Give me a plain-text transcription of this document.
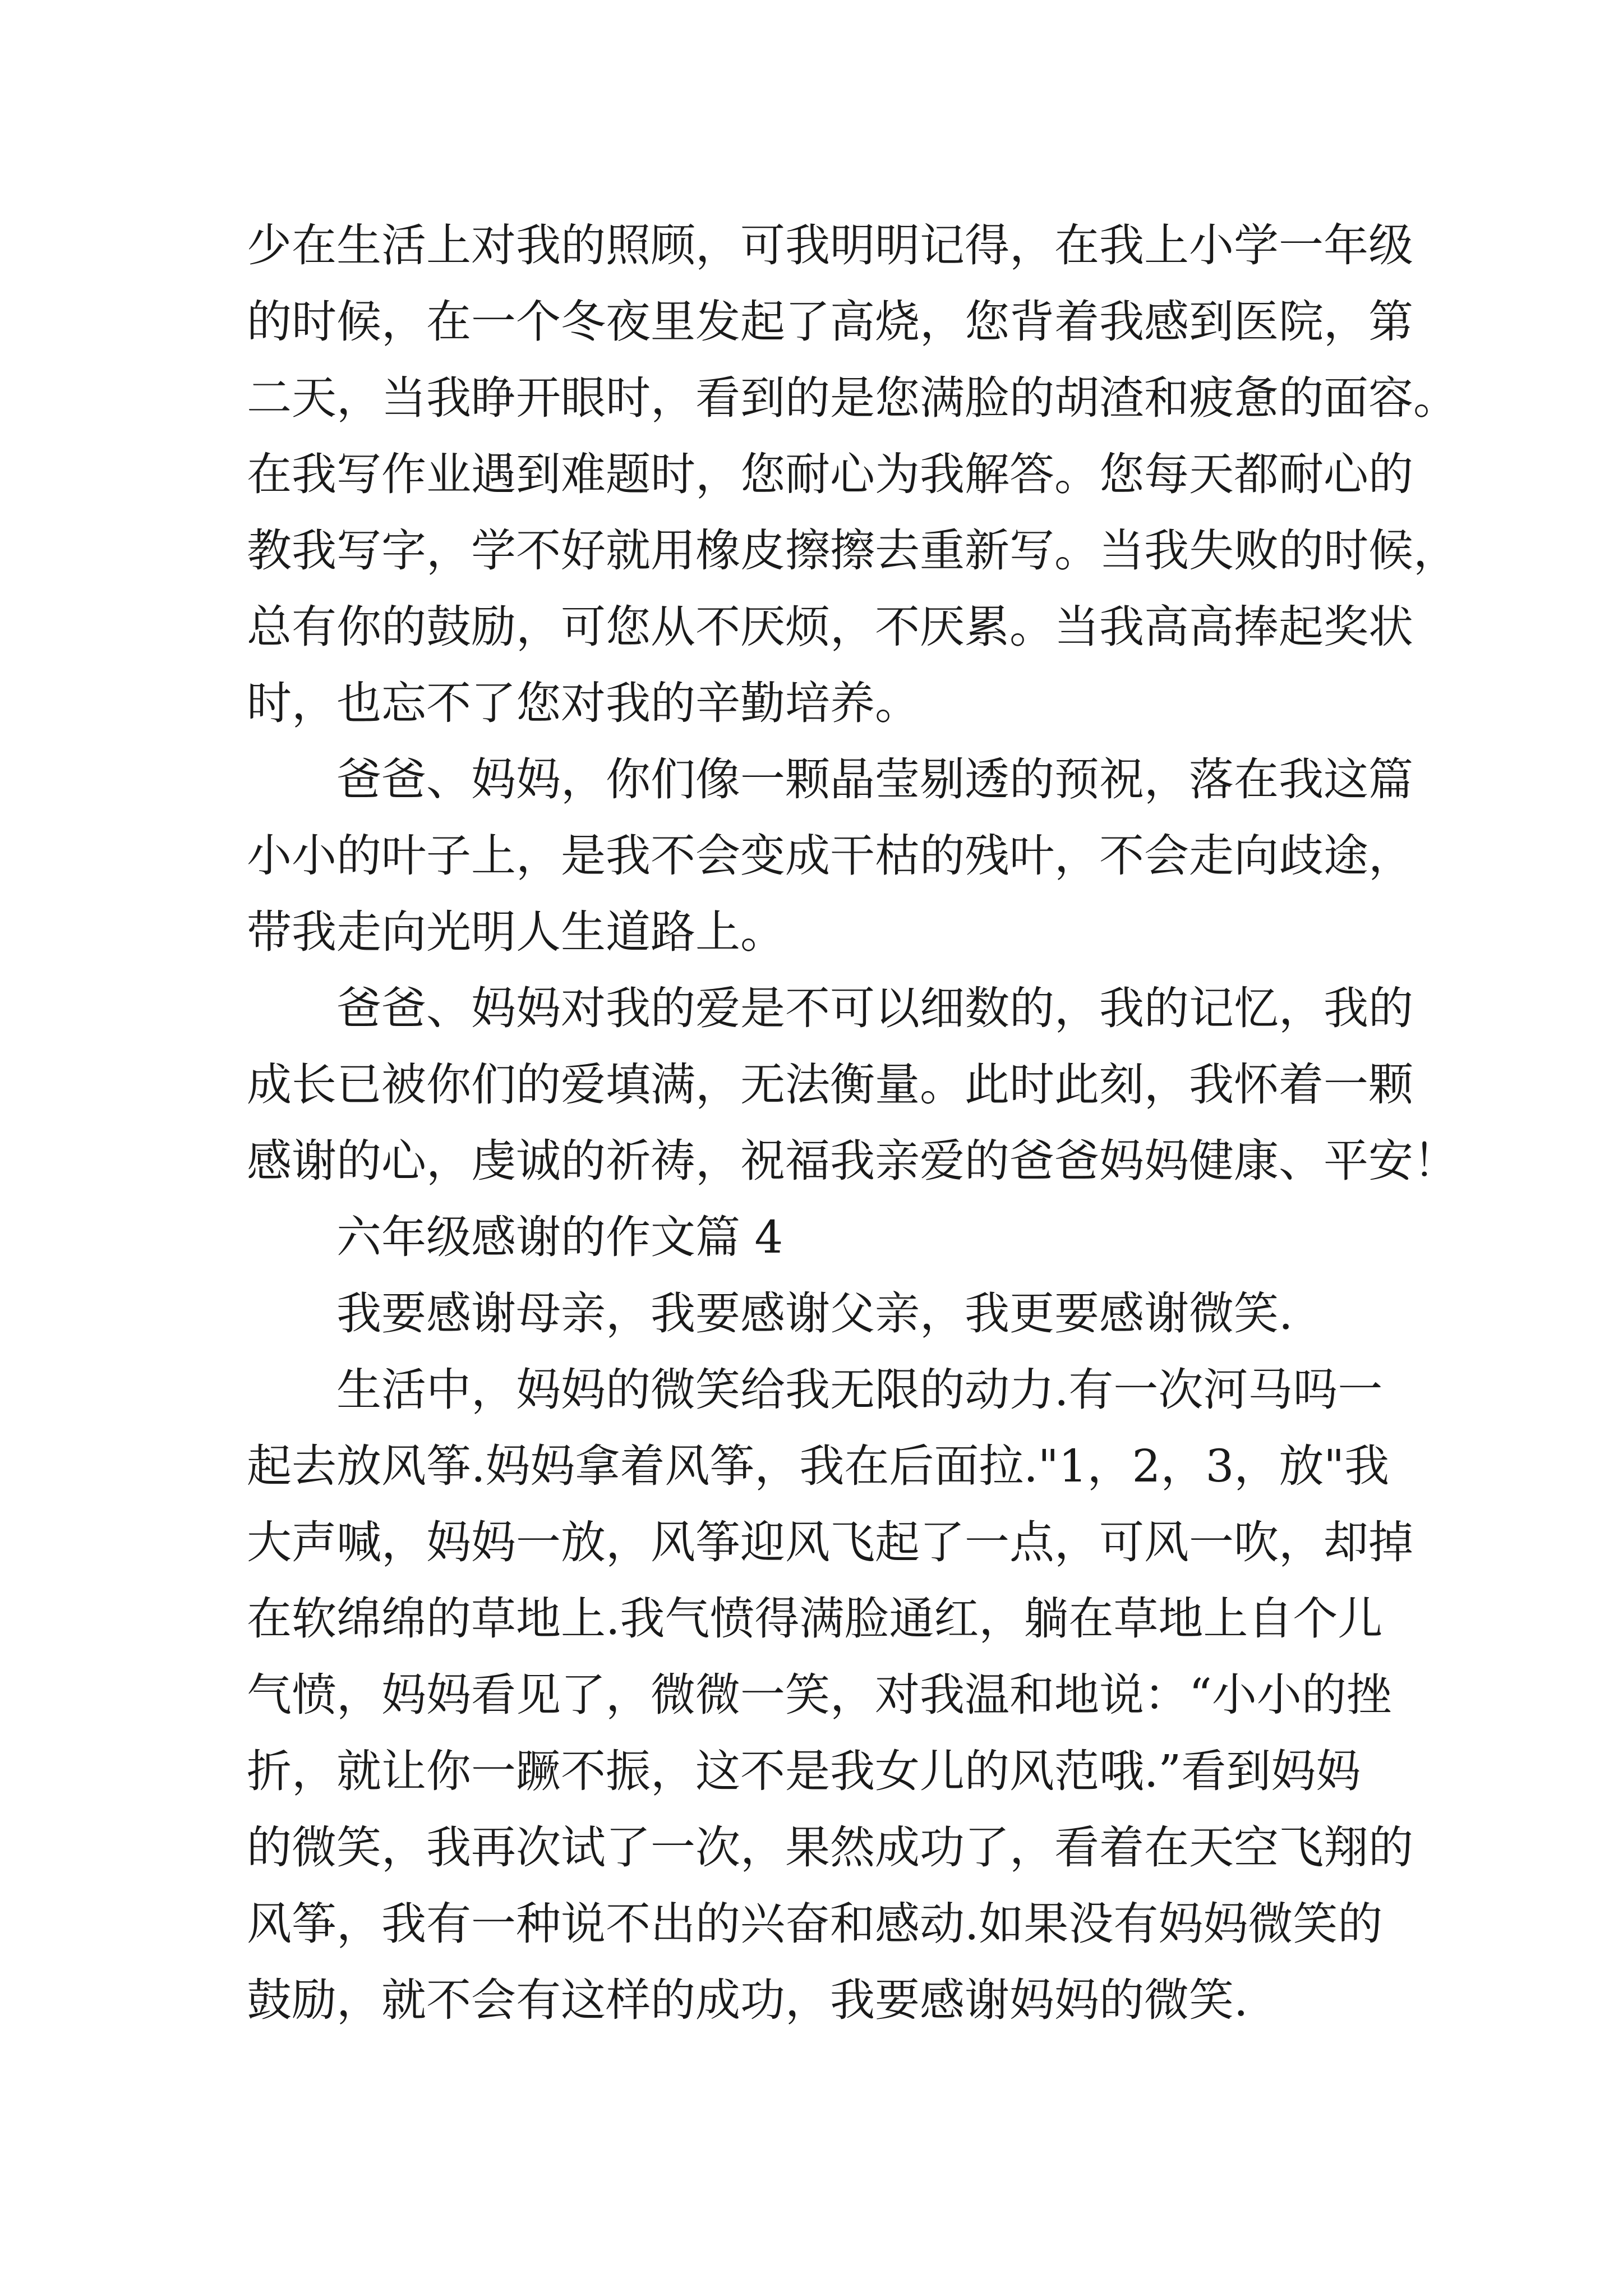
少在生活上对我的照顾，可我明明记得，在我上小学一年级
的时候，在一个冬夜里发起了高烧，您背着我感到医院，第
二天，当我睁开眼时，看到的是您满脸的胡渣和疲惫的面容。
在我写作业遇到难题时，您耐心为我解答。您每天都耐心的
教我写字，学不好就用橡皮擦擦去重新写。当我失败的时候，
总有你的鼓励，可您从不厌烦，不厌累。当我高高捧起奖状
时，也忘不了您对我的辛勤培养。
爸爸、妈妈，你们像一颗晶莹剔透的预祝，落在我这篇
小小的叶子上，是我不会变成干枯的残叶，不会走向歧途，
带我走向光明人生道路上。
爸爸、妈妈对我的爱是不可以细数的，我的记忆，我的
成长已被你们的爱填满，无法衡量。此时此刻，我怀着一颗
感谢的心，虔诚的祈祷，祝福我亲爱的爸爸妈妈健康、平安！
六年级感谢的作文篇 4
我要感谢母亲，我要感谢父亲，我更要感谢微笑.
生活中，妈妈的微笑给我无限的动力.有一次河马吗一
起去放风筝.妈妈拿着风筝，我在后面拉."1，2，3，放"我
大声喊，妈妈一放，风筝迎风飞起了一点，可风一吹，却掉
在软绵绵的草地上.我气愤得满脸通红，躺在草地上自个儿
气愤，妈妈看见了，微微一笑，对我温和地说：“小小的挫
折，就让你一蹶不振，这不是我女儿的风范哦.”看到妈妈
的微笑，我再次试了一次，果然成功了，看着在天空飞翔的
风筝，我有一种说不出的兴奋和感动.如果没有妈妈微笑的
鼓励，就不会有这样的成功，我要感谢妈妈的微笑.
